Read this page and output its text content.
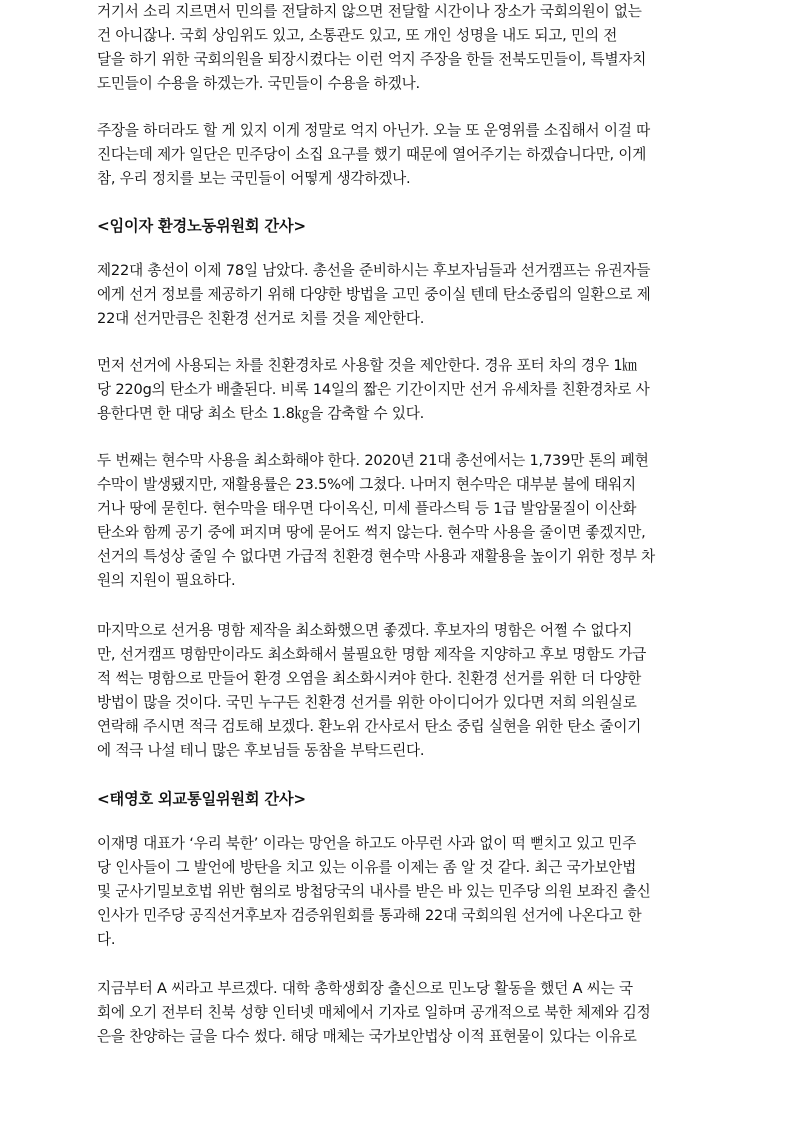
거기서 소리 지르면서 민의를 전달하지 않으면 전달할 시간이나 장소가 국회의원이 없는
건 아니잖나. 국회 상임위도 있고, 소통관도 있고, 또 개인 성명을 내도 되고, 민의 전
달을 하기 위한 국회의원을 퇴장시켰다는 이런 억지 주장을 한들 전북도민들이, 특별자치
도민들이 수용을 하겠는가. 국민들이 수용을 하겠나.

주장을 하더라도 할 게 있지 이게 정말로 억지 아닌가. 오늘 또 운영위를 소집해서 이걸 따
진다는데 제가 일단은 민주당이 소집 요구를 했기 때문에 열어주기는 하겠습니다만, 이게
참, 우리 정치를 보는 국민들이 어떻게 생각하겠나.

<임이자 환경노동위원회 간사>

제22대 총선이 이제 78일 남았다. 총선을 준비하시는 후보자님들과 선거캠프는 유권자들
에게 선거 정보를 제공하기 위해 다양한 방법을 고민 중이실 텐데 탄소중립의 일환으로 제
22대 선거만큼은 친환경 선거로 치를 것을 제안한다.

먼저 선거에 사용되는 차를 친환경차로 사용할 것을 제안한다. 경유 포터 차의 경우 1㎞
당 220g의 탄소가 배출된다. 비록 14일의 짧은 기간이지만 선거 유세차를 친환경차로 사
용한다면 한 대당 최소 탄소 1.8㎏을 감축할 수 있다.

두 번째는 현수막 사용을 최소화해야 한다. 2020년 21대 총선에서는 1,739만 톤의 폐현
수막이 발생됐지만, 재활용률은 23.5%에 그쳤다. 나머지 현수막은 대부분 불에 태워지
거나 땅에 묻힌다. 현수막을 태우면 다이옥신, 미세 플라스틱 등 1급 발암물질이 이산화
탄소와 함께 공기 중에 퍼지며 땅에 묻어도 썩지 않는다. 현수막 사용을 줄이면 좋겠지만,
선거의 특성상 줄일 수 없다면 가급적 친환경 현수막 사용과 재활용을 높이기 위한 정부 차
원의 지원이 필요하다.

마지막으로 선거용 명함 제작을 최소화했으면 좋겠다. 후보자의 명함은 어쩔 수 없다지
만, 선거캠프 명함만이라도 최소화해서 불필요한 명함 제작을 지양하고 후보 명함도 가급
적 썩는 명함으로 만들어 환경 오염을 최소화시켜야 한다. 친환경 선거를 위한 더 다양한
방법이 많을 것이다. 국민 누구든 친환경 선거를 위한 아이디어가 있다면 저희 의원실로
연락해 주시면 적극 검토해 보겠다. 환노위 간사로서 탄소 중립 실현을 위한 탄소 줄이기
에 적극 나설 테니 많은 후보님들 동참을 부탁드린다.

<태영호 외교통일위원회 간사>

이재명 대표가 ‘우리 북한’ 이라는 망언을 하고도 아무런 사과 없이 떡 뻗치고 있고 민주
당 인사들이 그 발언에 방탄을 치고 있는 이유를 이제는 좀 알 것 같다. 최근 국가보안법
및 군사기밀보호법 위반 혐의로 방첩당국의 내사를 받은 바 있는 민주당 의원 보좌진 출신
인사가 민주당 공직선거후보자 검증위원회를 통과해 22대 국회의원 선거에 나온다고 한
다.

지금부터 A 씨라고 부르겠다. 대학 총학생회장 출신으로 민노당 활동을 했던 A 씨는 국
회에 오기 전부터 친북 성향 인터넷 매체에서 기자로 일하며 공개적으로 북한 체제와 김정
은을 찬양하는 글을 다수 썼다. 해당 매체는 국가보안법상 이적 표현물이 있다는 이유로
